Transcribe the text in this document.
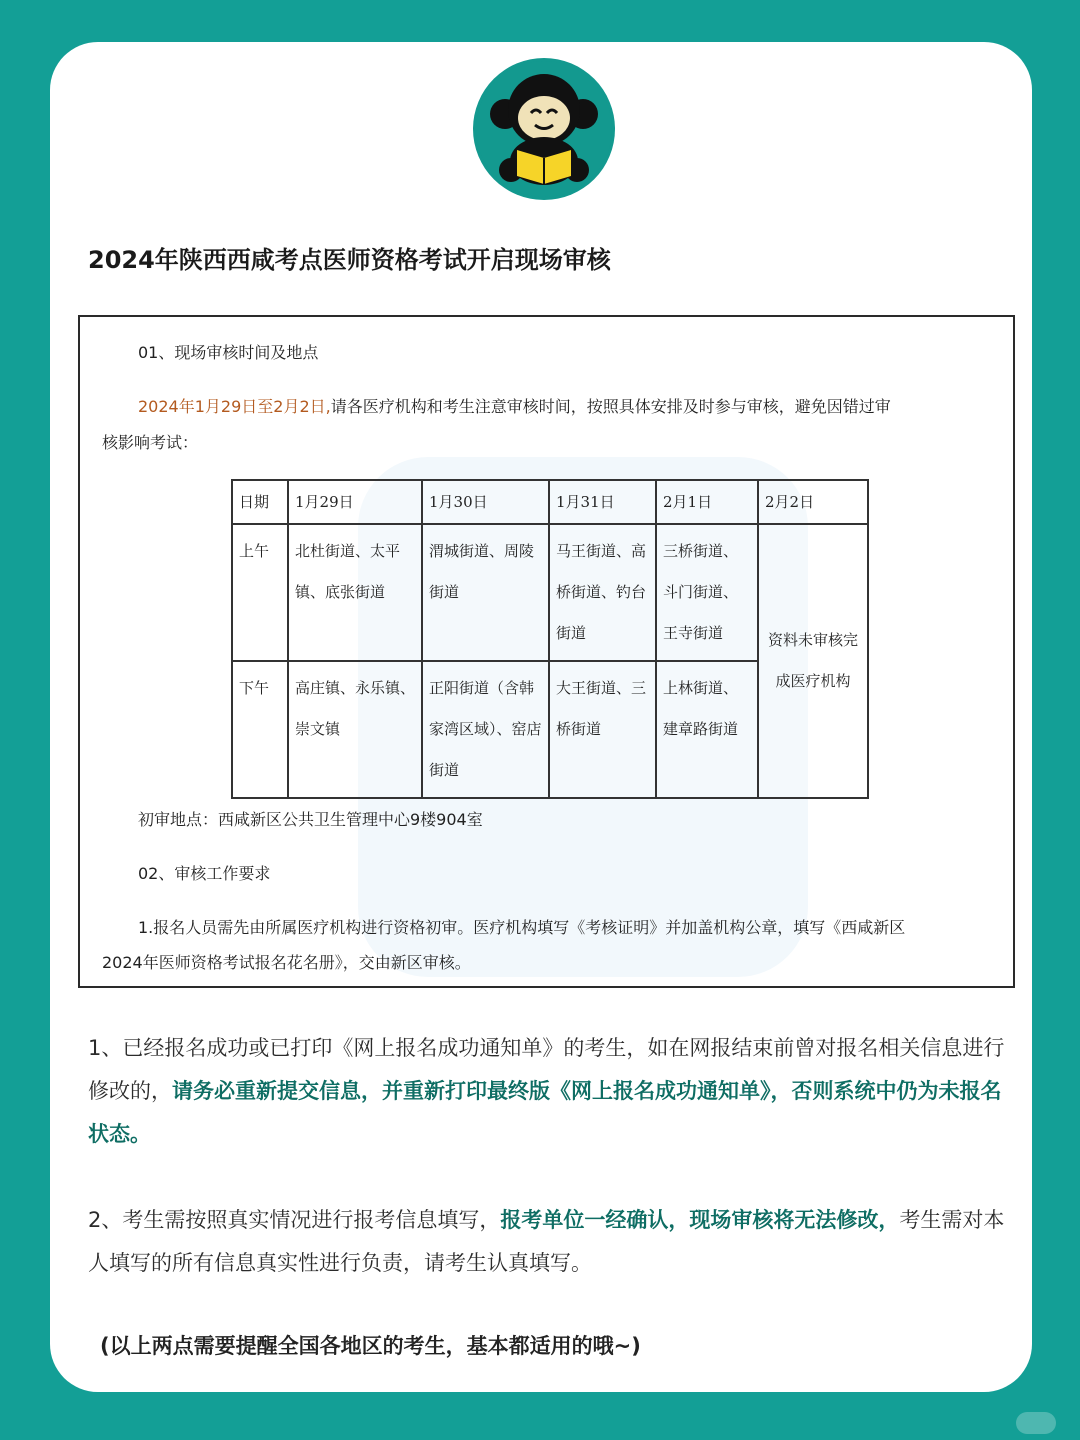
2024年陕西西咸考点医师资格考试开启现场审核
01、现场审核时间及地点
2024年1月29日至2月2日,请各医疗机构和考生注意审核时间，按照具体安排及时参与审核，避免因错过审
核影响考试：
日期	1月29日	1月30日	1月31日	2月1日	2月2日
上午	北杜街道、太平镇、底张街道	渭城街道、周陵街道	马王街道、高桥街道、钓台街道	三桥街道、斗门街道、王寺街道	资料未审核完成医疗机构
下午	高庄镇、永乐镇、崇文镇	正阳街道（含韩家湾区域）、窑店街道	大王街道、三桥街道	上林街道、建章路街道	
初审地点：西咸新区公共卫生管理中心9楼904室
02、审核工作要求
1.报名人员需先由所属医疗机构进行资格初审。医疗机构填写《考核证明》并加盖机构公章，填写《西咸新区
2024年医师资格考试报名花名册》，交由新区审核。
1、已经报名成功或已打印《网上报名成功通知单》的考生，如在网报结束前曾对报名相关信息进行修改的，请务必重新提交信息，并重新打印最终版《网上报名成功通知单》，否则系统中仍为未报名状态。
2、考生需按照真实情况进行报考信息填写，报考单位一经确认，现场审核将无法修改，考生需对本人填写的所有信息真实性进行负责，请考生认真填写。
(以上两点需要提醒全国各地区的考生，基本都适用的哦~)
